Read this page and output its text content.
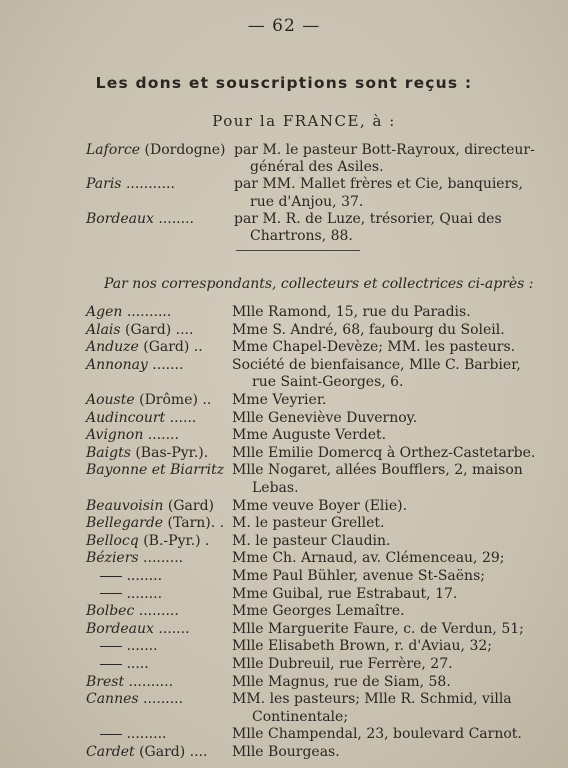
— 62 —
Les dons et souscriptions sont reçus :
Pour la FRANCE, à :
Laforce (Dordogne) par M. le pasteur Bott-Rayroux, directeur-
général des Asiles.
Paris ...........	par MM. Mallet frères et Cie, banquiers,
rue d'Anjou, 37.
Bordeaux ........	par M. R. de Luze, trésorier, Quai des
Chartrons, 88.
Par nos correspondants, collecteurs et collectrices ci-après :
Agen ..........	Mlle Ramond, 15, rue du Paradis.
Alais (Gard) ....	Mme S. André, 68, faubourg du Soleil.
Anduze (Gard) .. Mme Chapel-Devèze; MM. les pasteurs.
Annonay .......	Société de bienfaisance, Mlle C. Barbier,
rue Saint-Georges, 6.
Aouste (Drôme) .. Mme Veyrier.
Audincourt ......	Mlle Geneviève Duvernoy.
Avignon .......	Mme Auguste Verdet.
Baigts (Bas-Pyr.). Mlle Emilie Domercq à Orthez-Castetarbe.
Bayonne et Biarritz Mlle Nogaret, allées Boufflers, 2, maison
Lebas.
Beauvoisin (Gard) Mme veuve Boyer (Elie).
Bellegarde (Tarn). . M. le pasteur Grellet.
Bellocq (B.-Pyr.) . M. le pasteur Claudin.
Béziers .........	Mme Ch. Arnaud, av. Clémenceau, 29;
........	Mme Paul Bühler, avenue St-Saëns;
........	Mme Guibal, rue Estrabaut, 17.
Bolbec .........	Mme Georges Lemaître.
Bordeaux .......	Mlle Marguerite Faure, c. de Verdun, 51;
.......	Mlle Elisabeth Brown, r. d'Aviau, 32;
.....	Mlle Dubreuil, rue Ferrère, 27.
Brest ..........	Mlle Magnus, rue de Siam, 58.
Cannes .........	MM. les pasteurs; Mlle R. Schmid, villa
Continentale;
.........	Mlle Champendal, 23, boulevard Carnot.
Cardet (Gard) .... Mlle Bourgeas.
